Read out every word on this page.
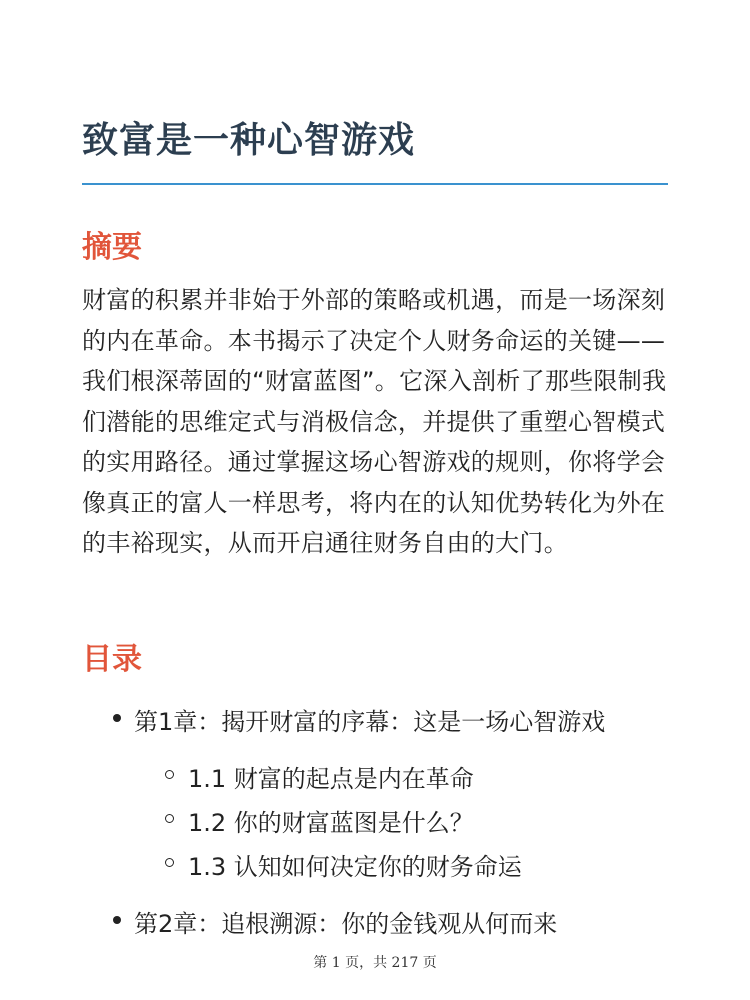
致富是一种心智游戏
摘要

财富的积累并非始于外部的策略或机遇，而是一场深刻的内在革命。本书揭示了决定个人财务命运的关键——我们根深蒂固的“财富蓝图”。它深入剖析了那些限制我们潜能的思维定式与消极信念，并提供了重塑心智模式的实用路径。通过掌握这场心智游戏的规则，你将学会像真正的富人一样思考，将内在的认知优势转化为外在的丰裕现实，从而开启通往财务自由的大门。

目录
第1章：揭开财富的序幕：这是一场心智游戏
1.1 财富的起点是内在革命
1.2 你的财富蓝图是什么？
1.3 认知如何决定你的财务命运
第2章：追根溯源：你的金钱观从何而来
第 1 页，共 217 页
